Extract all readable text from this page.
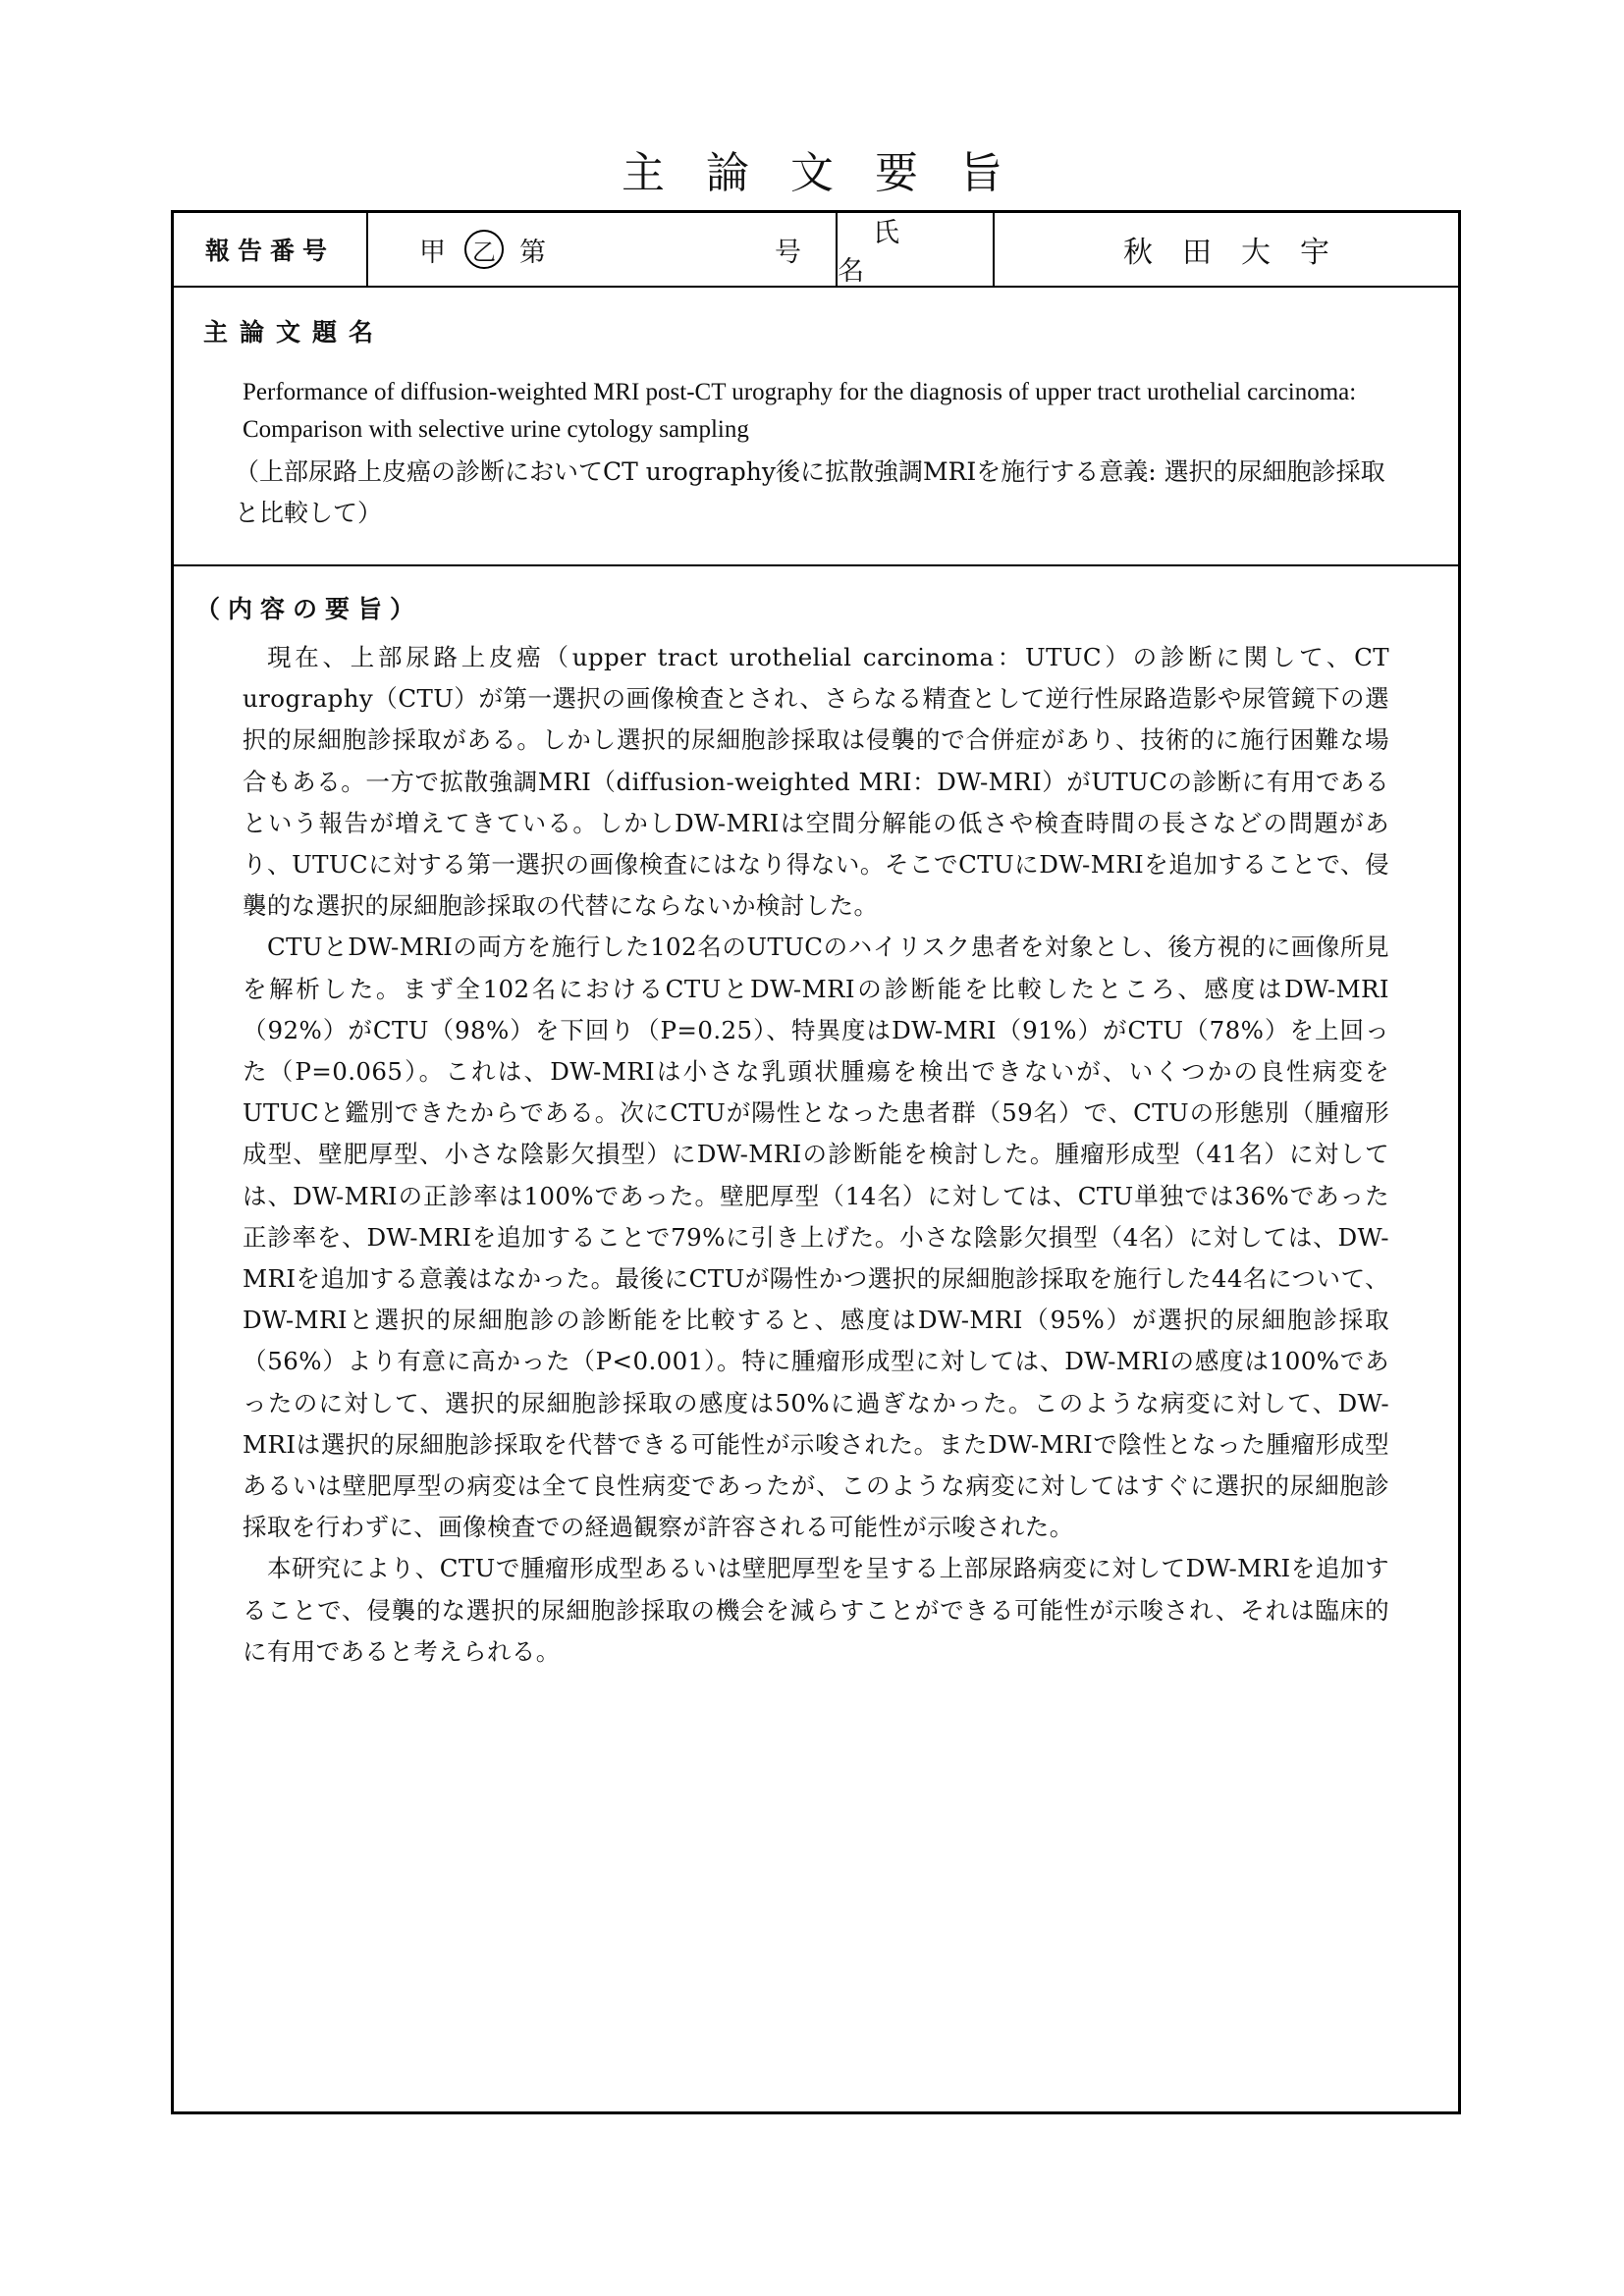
主論文要旨
報告番号	甲	乙 第	号
氏名
秋田大宇
主論文題名
Performance of diffusion-weighted MRI post-CT urography for the diagnosis of upper tract urothelial carcinoma: Comparison with selective urine cytology sampling
（上部尿路上皮癌の診断においてCT urography後に拡散強調MRIを施行する意義: 選択的尿細胞診採取と比較して）
（内容の要旨）

現在、上部尿路上皮癌（upper tract urothelial carcinoma：UTUC）の診断に関して、CT urography（CTU）が第一選択の画像検査とされ、さらなる精査として逆行性尿路造影や尿管鏡下の選択的尿細胞診採取がある。しかし選択的尿細胞診採取は侵襲的で合併症があり、技術的に施行困難な場合もある。一方で拡散強調MRI（diffusion-weighted MRI：DW-MRI）がUTUCの診断に有用であるという報告が増えてきている。しかしDW-MRIは空間分解能の低さや検査時間の長さなどの問題があり、UTUCに対する第一選択の画像検査にはなり得ない。そこでCTUにDW-MRIを追加することで、侵襲的な選択的尿細胞診採取の代替にならないか検討した。

CTUとDW-MRIの両方を施行した102名のUTUCのハイリスク患者を対象とし、後方視的に画像所見を解析した。まず全102名におけるCTUとDW-MRIの診断能を比較したところ、感度はDW-MRI（92%）がCTU（98%）を下回り（P=0.25）、特異度はDW-MRI（91%）がCTU（78%）を上回った（P=0.065）。これは、DW-MRIは小さな乳頭状腫瘍を検出できないが、いくつかの良性病変をUTUCと鑑別できたからである。次にCTUが陽性となった患者群（59名）で、CTUの形態別（腫瘤形成型、壁肥厚型、小さな陰影欠損型）にDW-MRIの診断能を検討した。腫瘤形成型（41名）に対しては、DW-MRIの正診率は100%であった。壁肥厚型（14名）に対しては、CTU単独では36%であった正診率を、DW-MRIを追加することで79%に引き上げた。小さな陰影欠損型（4名）に対しては、DW-MRIを追加する意義はなかった。最後にCTUが陽性かつ選択的尿細胞診採取を施行した44名について、DW-MRIと選択的尿細胞診の診断能を比較すると、感度はDW-MRI（95%）が選択的尿細胞診採取（56%）より有意に高かった（P<0.001）。特に腫瘤形成型に対しては、DW-MRIの感度は100%であったのに対して、選択的尿細胞診採取の感度は50%に過ぎなかった。このような病変に対して、DW-MRIは選択的尿細胞診採取を代替できる可能性が示唆された。またDW-MRIで陰性となった腫瘤形成型あるいは壁肥厚型の病変は全て良性病変であったが、このような病変に対してはすぐに選択的尿細胞診採取を行わずに、画像検査での経過観察が許容される可能性が示唆された。

本研究により、CTUで腫瘤形成型あるいは壁肥厚型を呈する上部尿路病変に対してDW-MRIを追加することで、侵襲的な選択的尿細胞診採取の機会を減らすことができる可能性が示唆され、それは臨床的に有用であると考えられる。
